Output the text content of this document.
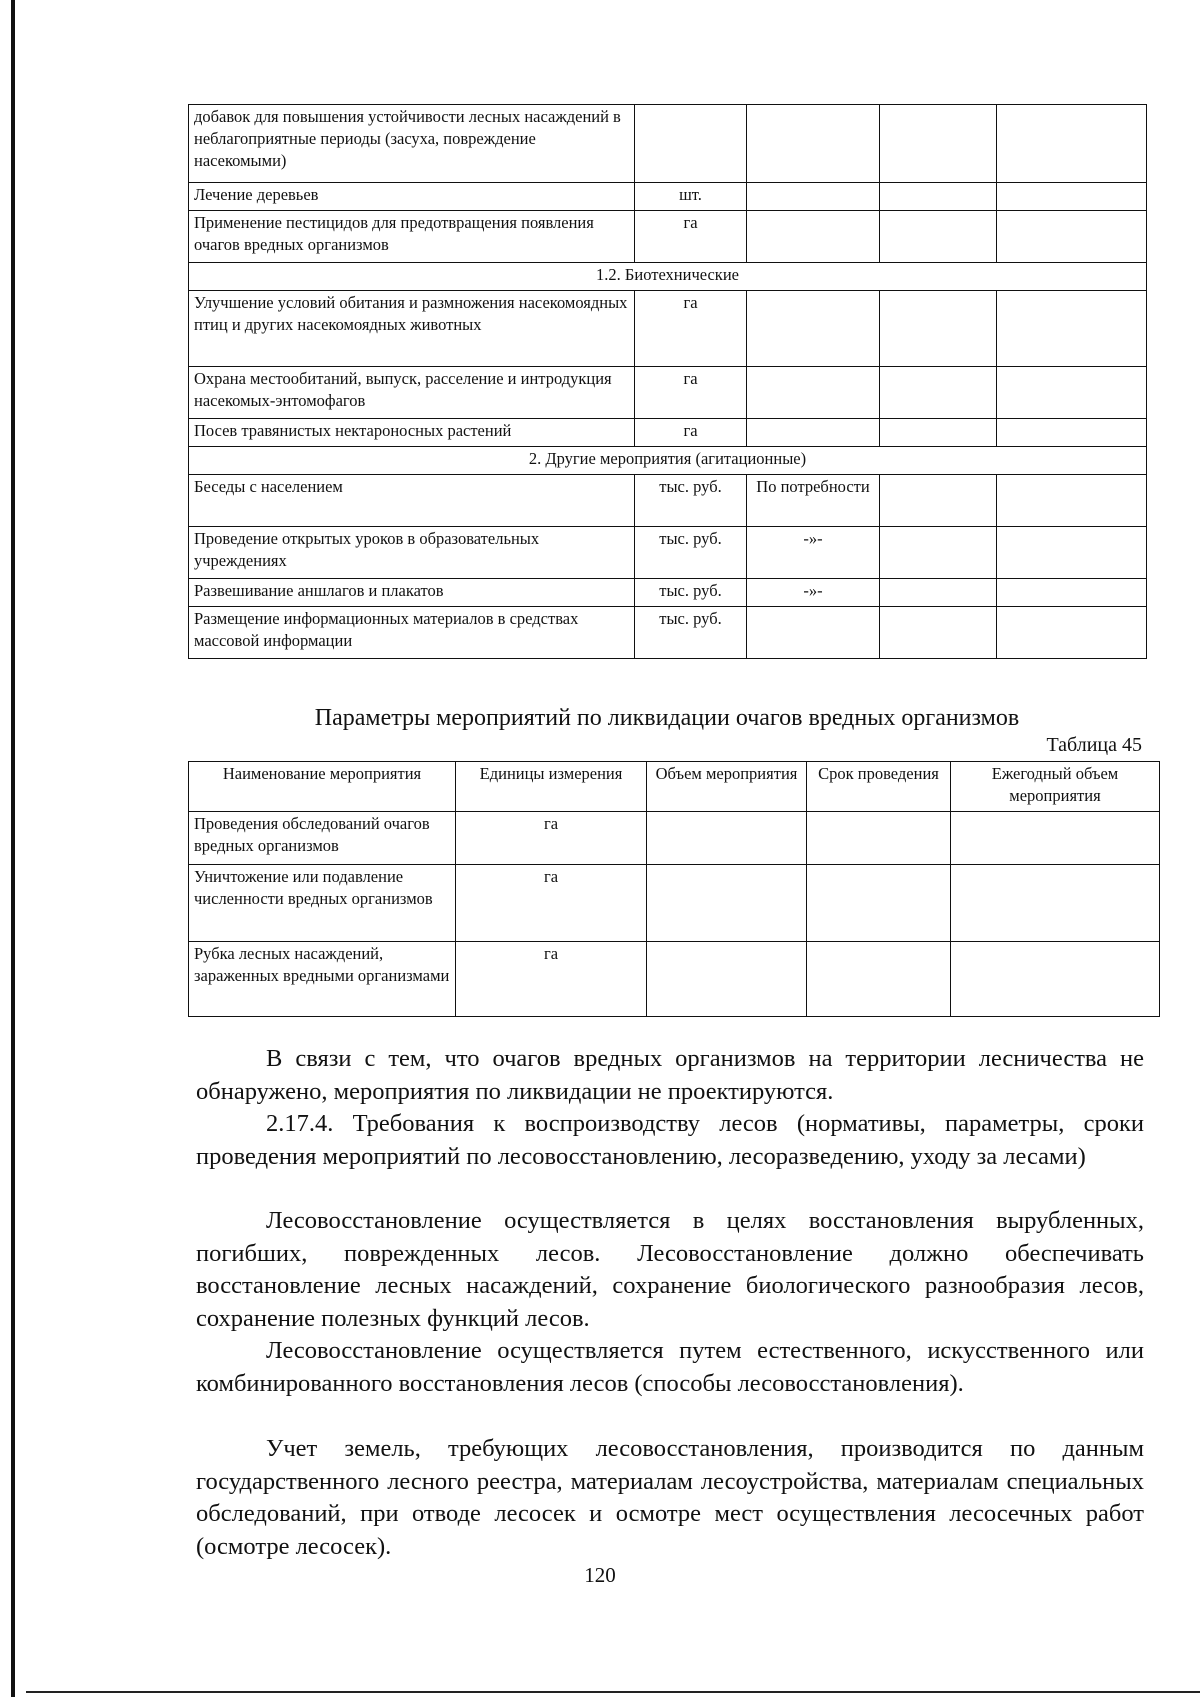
добавок для повышения устойчивости лесных насаждений в неблагоприятные периоды (засуха, повреждение насекомыми)				
Лечение деревьев	шт.			
Применение пестицидов для предотвращения появления очагов вредных организмов	га			
1.2. Биотехнические				
Улучшение условий обитания и размножения насекомоядных птиц и других насекомоядных животных	га			
Охрана местообитаний, выпуск, расселение и интродукция насекомых-энтомофагов	га			
Посев травянистых нектароносных растений	га			
2. Другие мероприятия (агитационные)				
Беседы с населением	тыс. руб.	По потребности		
Проведение открытых уроков в образовательных учреждениях	тыс. руб.	-»-		
Развешивание аншлагов и плакатов	тыс. руб.	-»-		
Размещение информационных материалов в средствах массовой информации	тыс. руб.			
Параметры мероприятий по ликвидации очагов вредных организмов
Таблица 45
Наименование мероприятия	Единицы измерения	Объем мероприятия	Срок проведения	Ежегодный объем мероприятия
Проведения обследований очагов вредных организмов	га			
Уничтожение или подавление численности вредных организмов	га			
Рубка лесных насаждений, зараженных вредными организмами	га			

В связи с тем, что очагов вредных организмов на территории лесничества не обнаружено, мероприятия по ликвидации не проектируются.

2.17.4. Требования к воспроизводству лесов (нормативы, параметры, сроки проведения мероприятий по лесовосстановлению, лесоразведению, уходу за лесами)

Лесовосстановление осуществляется в целях восстановления вырубленных, погибших, поврежденных лесов. Лесовосстановление должно обеспечивать восстановление лесных насаждений, сохранение биологического разнообразия лесов, сохранение полезных функций лесов.

Лесовосстановление осуществляется путем естественного, искусственного или комбинированного восстановления лесов (способы лесовосстановления).

Учет земель, требующих лесовосстановления, производится по данным государственного лесного реестра, материалам лесоустройства, материалам специальных обследований, при отводе лесосек и осмотре мест осуществления лесосечных работ (осмотре лесосек).

120
